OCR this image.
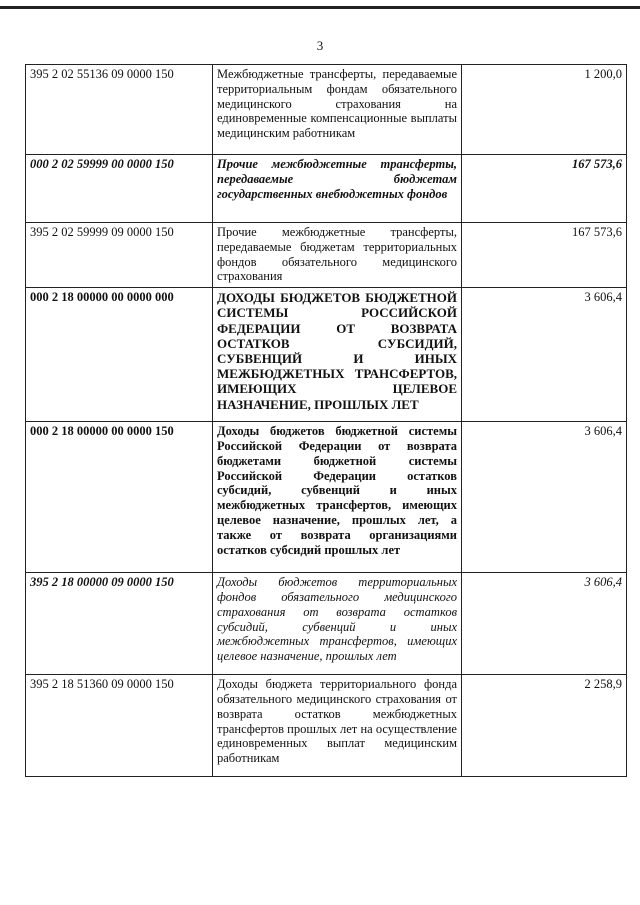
3
395 2 02 55136 09 0000 150	Межбюджетные трансферты, передаваемые территориальным фондам обязательного медицинского страхования на единовременные компенсационные выплаты медицинским работникам	1 200,0
000 2 02 59999 00 0000 150	Прочие межбюджетные трансферты, передаваемые бюджетам государственных внебюджетных фондов	167 573,6
395 2 02 59999 09 0000 150	Прочие межбюджетные трансферты, передаваемые бюджетам территориальных фондов обязательного медицинского страхования	167 573,6
000 2 18 00000 00 0000 000	ДОХОДЫ БЮДЖЕТОВ БЮДЖЕТНОЙ СИСТЕМЫ РОССИЙСКОЙ ФЕДЕРАЦИИ ОТ ВОЗВРАТА ОСТАТКОВ СУБСИДИЙ, СУБВЕНЦИЙ И ИНЫХ МЕЖБЮДЖЕТНЫХ ТРАНСФЕРТОВ, ИМЕЮЩИХ ЦЕЛЕВОЕ НАЗНАЧЕНИЕ, ПРОШЛЫХ ЛЕТ	3 606,4
000 2 18 00000 00 0000 150	Доходы бюджетов бюджетной системы Российской Федерации от возврата бюджетами бюджетной системы Российской Федерации остатков субсидий, субвенций и иных межбюджетных трансфертов, имеющих целевое назначение, прошлых лет, а также от возврата организациями остатков субсидий прошлых лет	3 606,4
395 2 18 00000 09 0000 150	Доходы бюджетов территориальных фондов обязательного медицинского страхования от возврата остатков субсидий, субвенций и иных межбюджетных трансфертов, имеющих целевое назначение, прошлых лет	3 606,4
395 2 18 51360 09 0000 150	Доходы бюджета территориального фонда обязательного медицинского страхования от возврата остатков межбюджетных трансфертов прошлых лет на осуществление единовременных выплат медицинским работникам	2 258,9
